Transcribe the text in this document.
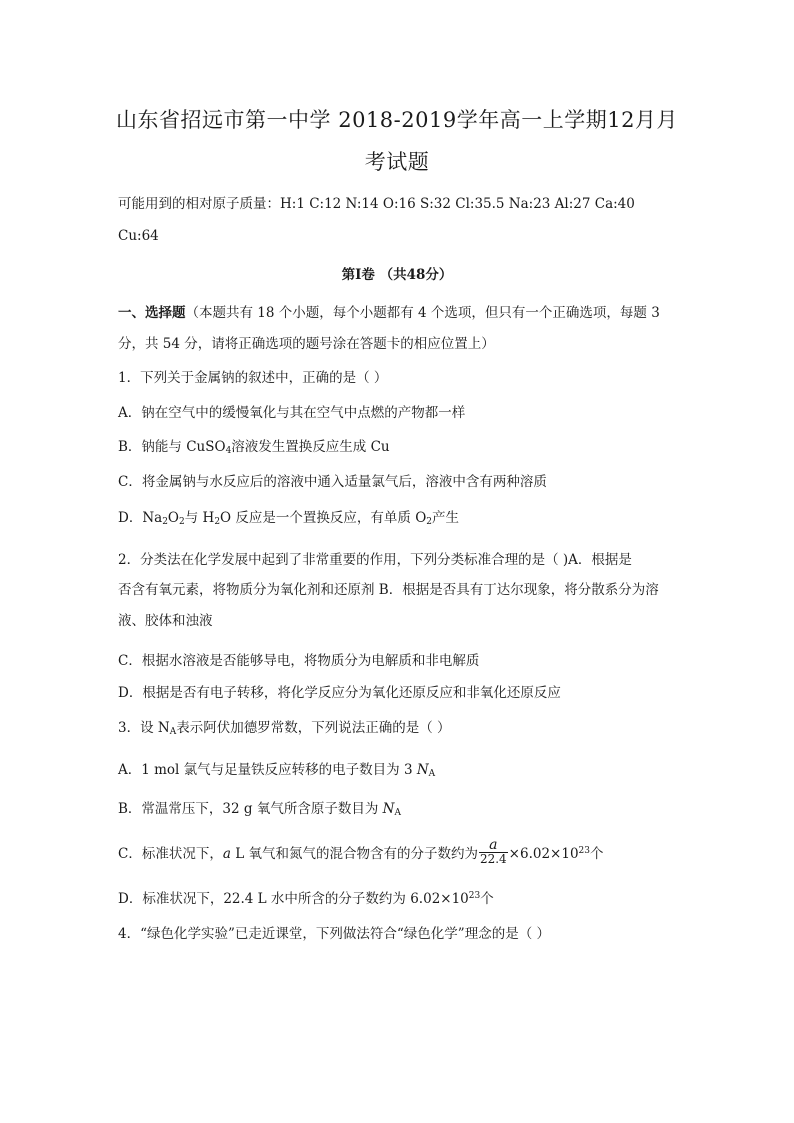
山东省招远市第一中学 2018-2019学年高一上学期12月月
考试题
可能用到的相对原子质量：H:1 C:12 N:14 O:16 S:32 Cl:35.5 Na:23 Al:27 Ca:40
Cu:64
第Ⅰ卷 （共48分）
一、选择题（本题共有 18 个小题，每个小题都有 4 个选项，但只有一个正确选项，每题 3
分，共 54 分，请将正确选项的题号涂在答题卡的相应位置上）
1．下列关于金属钠的叙述中，正确的是（ ）
A．钠在空气中的缓慢氧化与其在空气中点燃的产物都一样
B．钠能与 CuSO$_4$溶液发生置换反应生成 Cu
C．将金属钠与水反应后的溶液中通入适量氯气后，溶液中含有两种溶质
D．$Na_2O_2$与 $H_2O$ 反应是一个置换反应，有单质 $O_2$产生
2．分类法在化学发展中起到了非常重要的作用，下列分类标准合理的是（ )A．根据是
否含有氧元素，将物质分为氧化剂和还原剂 B．根据是否具有丁达尔现象，将分散系分为溶
液、胶体和浊液
C．根据水溶液是否能够导电，将物质分为电解质和非电解质
D．根据是否有电子转移，将化学反应分为氧化还原反应和非氧化还原反应
3．设 $N_A$表示阿伏加德罗常数，下列说法正确的是（ ）
A．1 mol 氯气与足量铁反应转移的电子数目为 3 $N_A$
B．常温常压下，32 g 氧气所含原子数目为 $N_A$
C．标准状况下，a L 氧气和氮气的混合物含有的分子数约为 $\frac{a}{22.4} \times 6.02\times 10^{23}$个
D．标准状况下，22.4 L 水中所含的分子数约为 $6.02\times 10^{23}$个
4．“绿色化学实验”已走近课堂，下列做法符合“绿色化学”理念的是（ ）
